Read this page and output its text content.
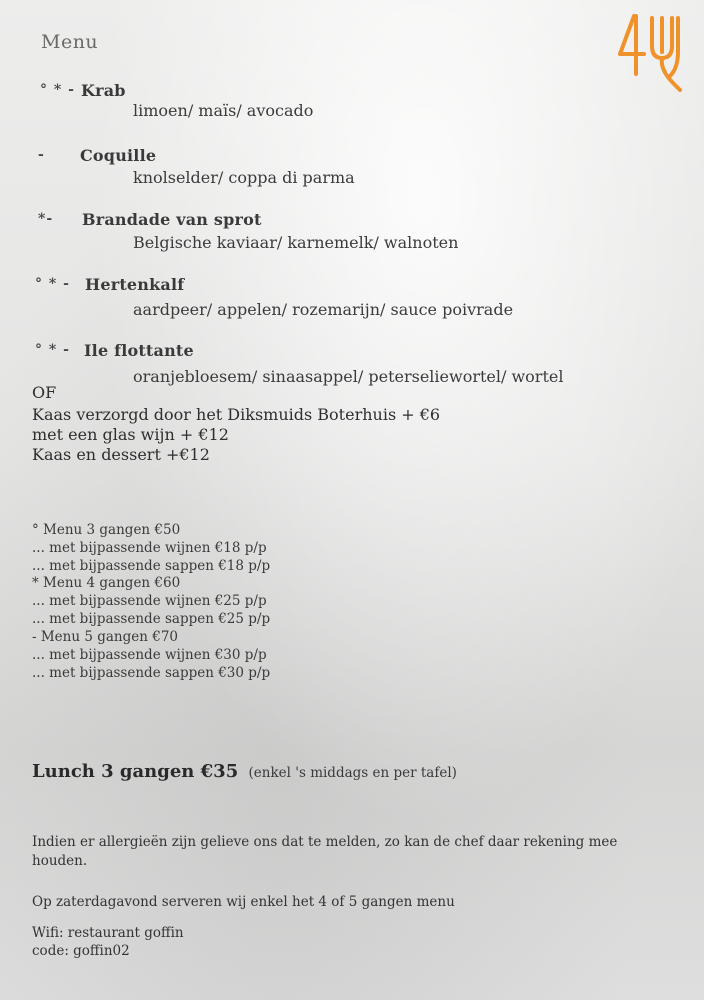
Menu
° * - Krab
limoen/ maïs/ avocado
- Coquille
knolselder/ coppa di parma
*- Brandade van sprot
Belgische kaviaar/ karnemelk/ walnoten
° * - Hertenkalf
aardpeer/ appelen/ rozemarijn/ sauce poivrade
° * - Ile flottante
oranjebloesem/ sinaasappel/ peterseliewortel/ wortel
OF
Kaas verzorgd door het Diksmuids Boterhuis + €6
met een glas wijn + €12
Kaas en dessert +€12
° Menu 3 gangen €50
... met bijpassende wijnen €18 p/p
... met bijpassende sappen €18 p/p
* Menu 4 gangen €60
... met bijpassende wijnen €25 p/p
... met bijpassende sappen €25 p/p
- Menu 5 gangen €70
... met bijpassende wijnen €30 p/p
... met bijpassende sappen €30 p/p
Lunch 3 gangen €35 (enkel 's middags en per tafel)
Indien er allergieën zijn gelieve ons dat te melden, zo kan de chef daar rekening mee houden.
Op zaterdagavond serveren wij enkel het 4 of 5 gangen menu
Wifi: restaurant goffin
code: goffin02
